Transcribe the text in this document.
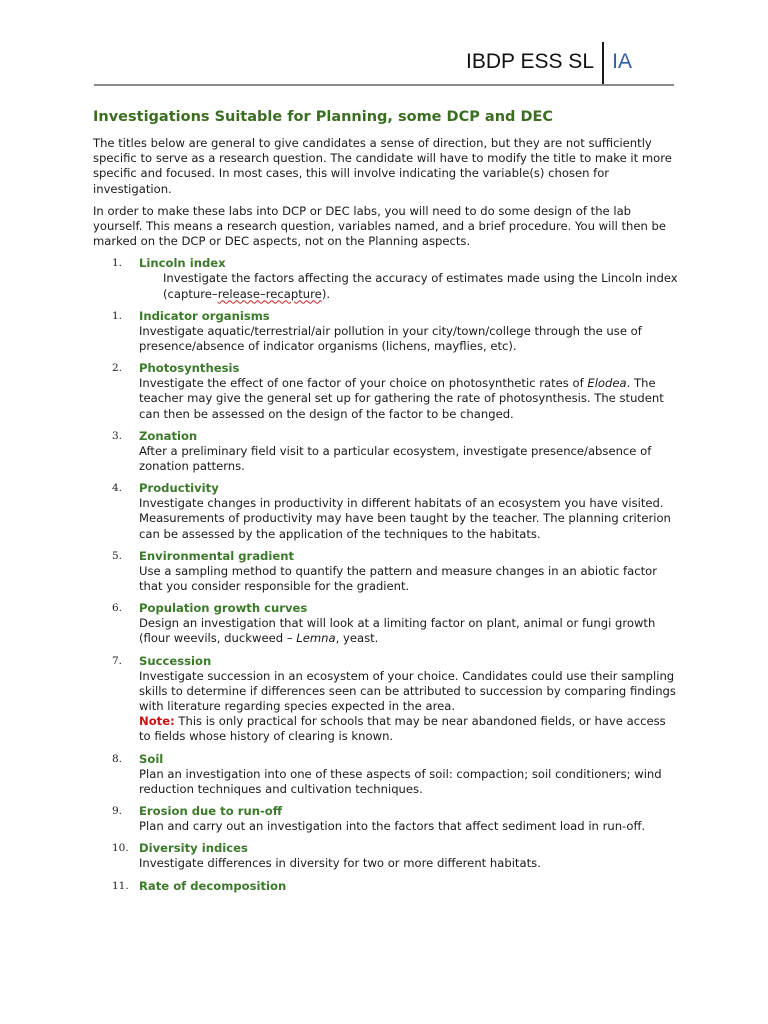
IBDP ESS SL IA
Investigations Suitable for Planning, some DCP and DEC

The titles below are general to give candidates a sense of direction, but they are not sufficiently specific to serve as a research question. The candidate will have to modify the title to make it more specific and focused. In most cases, this will involve indicating the variable(s) chosen for investigation.

In order to make these labs into DCP or DEC labs, you will need to do some design of the lab yourself. This means a research question, variables named, and a brief procedure. You will then be marked on the DCP or DEC aspects, not on the Planning aspects.

1. Lincoln index
Investigate the factors affecting the accuracy of estimates made using the Lincoln index (capture–release–recapture).
1. Indicator organisms
Investigate aquatic/terrestrial/air pollution in your city/town/college through the use of presence/absence of indicator organisms (lichens, mayflies, etc).
2. Photosynthesis
Investigate the effect of one factor of your choice on photosynthetic rates of Elodea. The teacher may give the general set up for gathering the rate of photosynthesis. The student can then be assessed on the design of the factor to be changed.
3. Zonation
After a preliminary field visit to a particular ecosystem, investigate presence/absence of zonation patterns.
4. Productivity
Investigate changes in productivity in different habitats of an ecosystem you have visited. Measurements of productivity may have been taught by the teacher. The planning criterion can be assessed by the application of the techniques to the habitats.
5. Environmental gradient
Use a sampling method to quantify the pattern and measure changes in an abiotic factor that you consider responsible for the gradient.
6. Population growth curves
Design an investigation that will look at a limiting factor on plant, animal or fungi growth (flour weevils, duckweed – Lemna, yeast.
7. Succession
Investigate succession in an ecosystem of your choice. Candidates could use their sampling skills to determine if differences seen can be attributed to succession by comparing findings with literature regarding species expected in the area.
Note: This is only practical for schools that may be near abandoned fields, or have access to fields whose history of clearing is known.
8. Soil
Plan an investigation into one of these aspects of soil: compaction; soil conditioners; wind reduction techniques and cultivation techniques.
9. Erosion due to run-off
Plan and carry out an investigation into the factors that affect sediment load in run-off.
10. Diversity indices
Investigate differences in diversity for two or more different habitats.
11. Rate of decomposition
